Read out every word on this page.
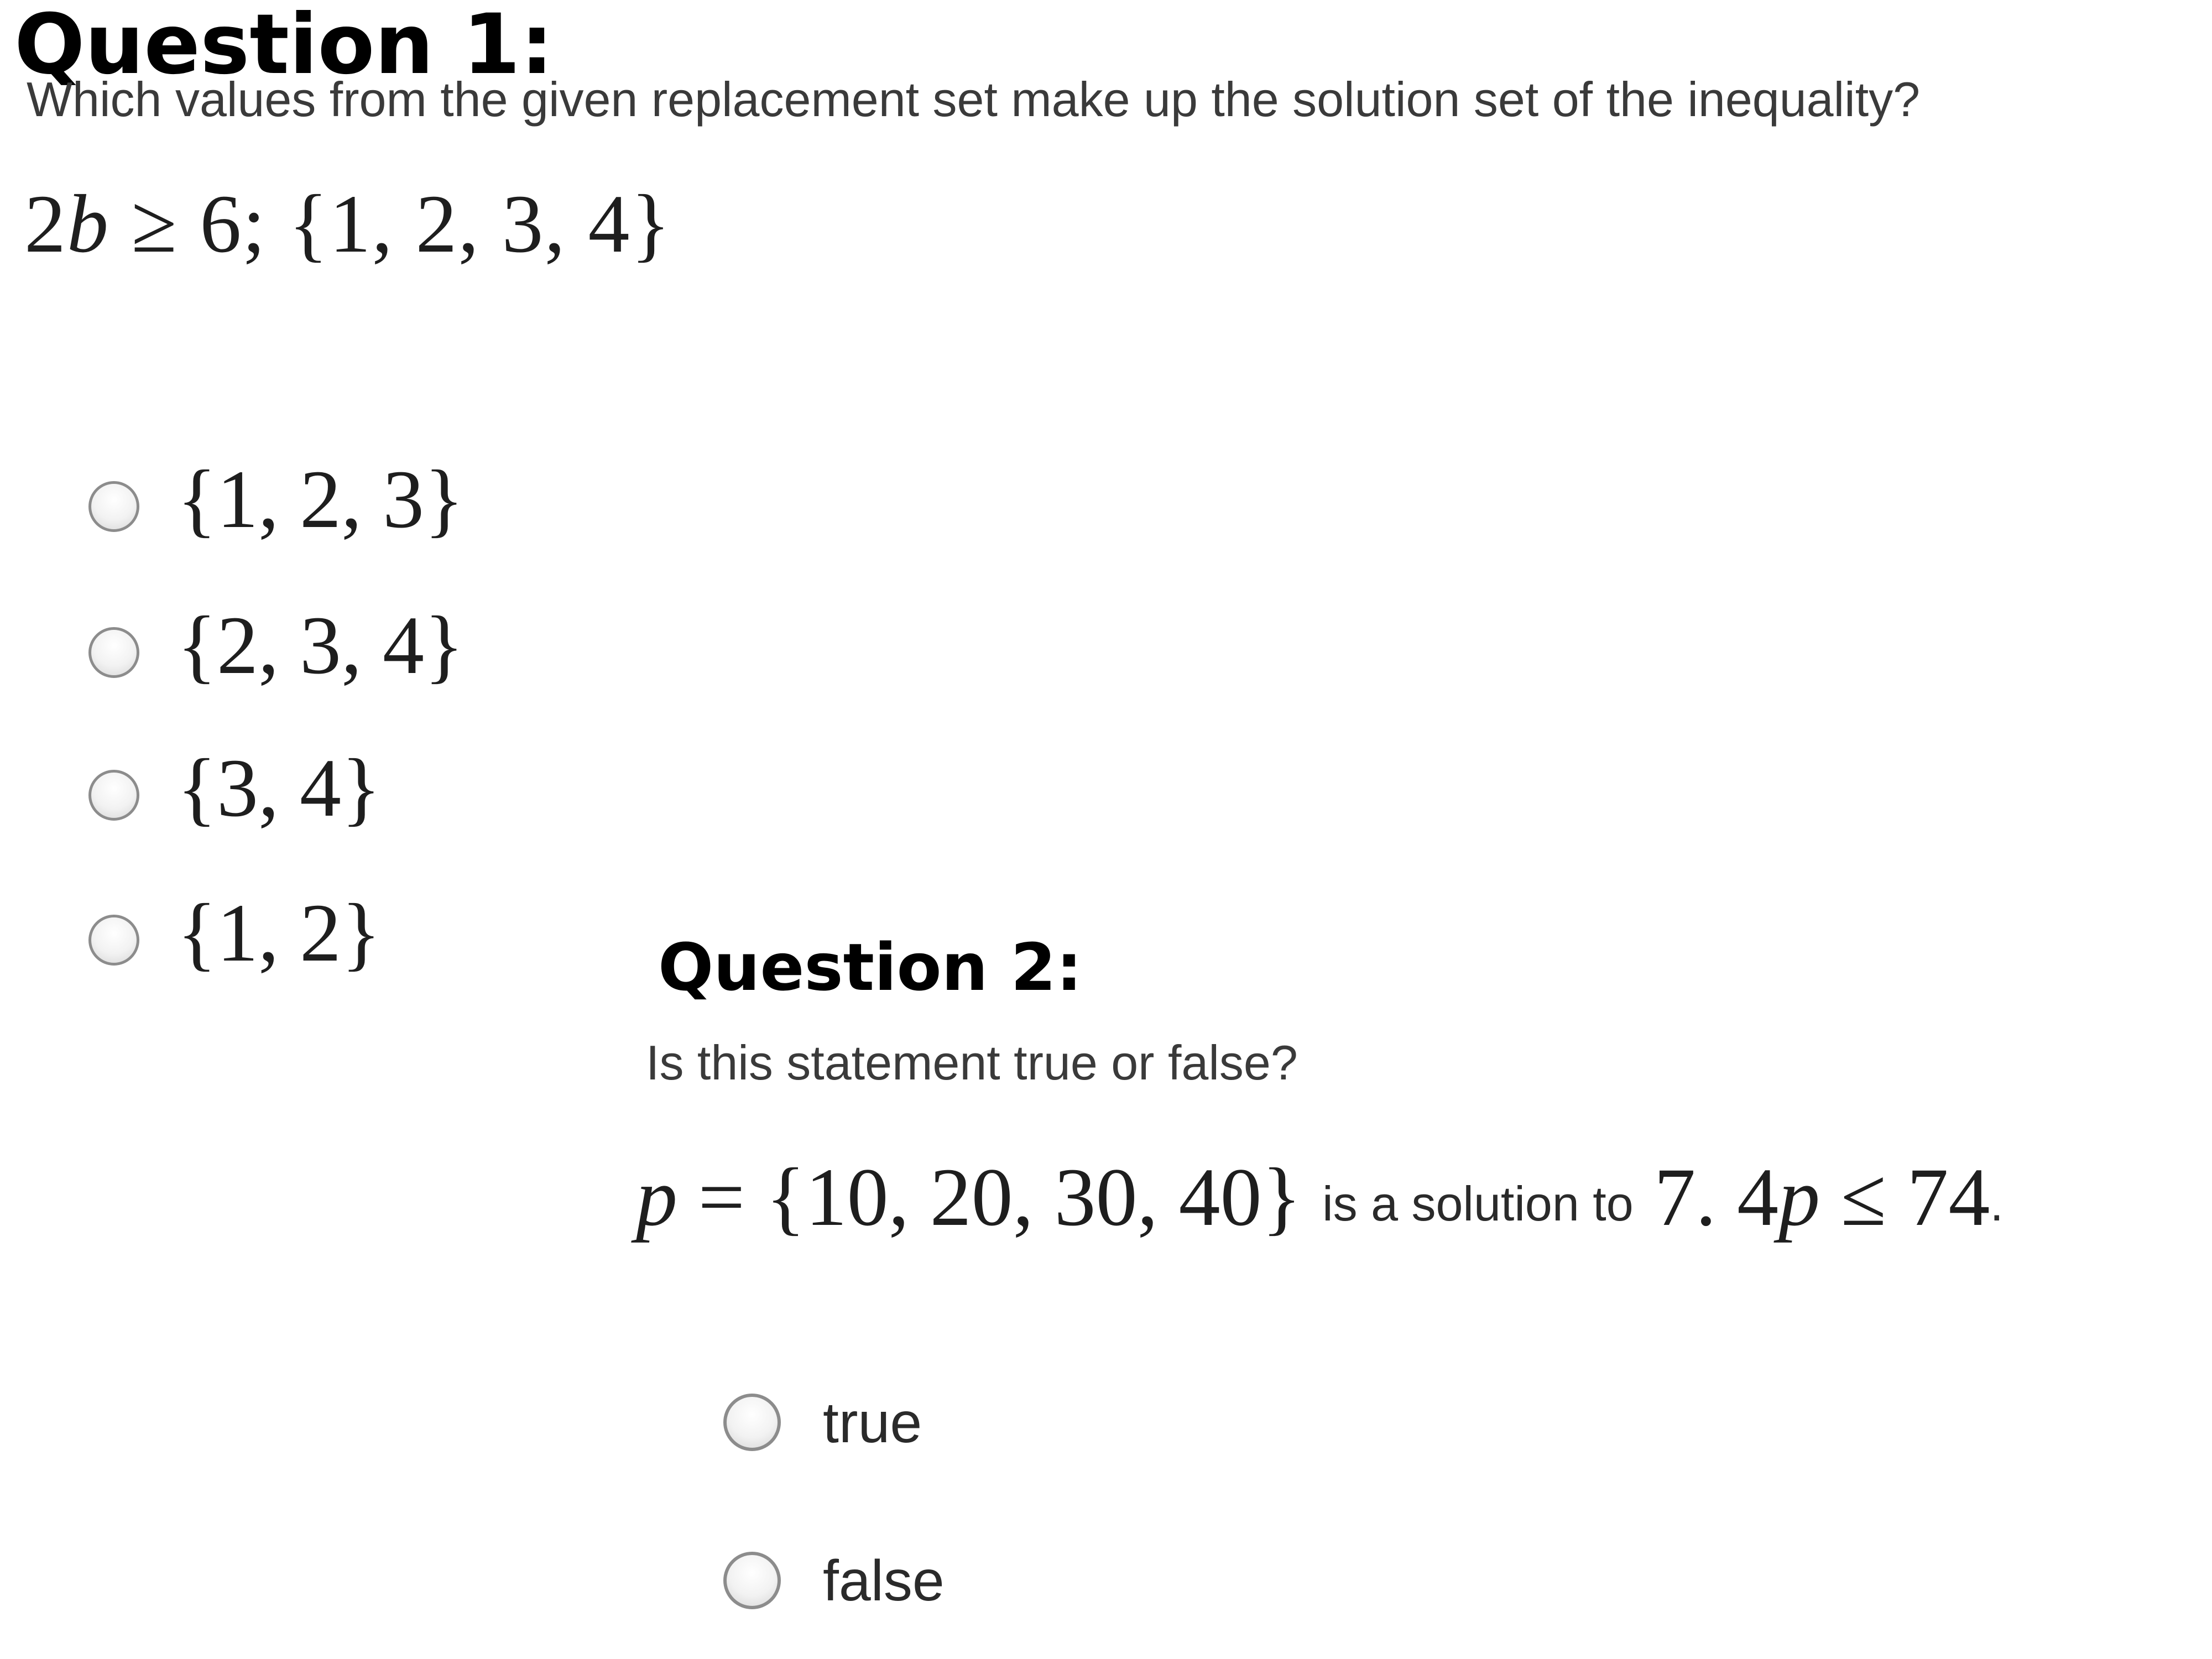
Question 1:
Which values from the given replacement set make up the solution set of the inequality?
2b ≥ 6; {1, 2, 3, 4}
{1, 2, 3}
{2, 3, 4}
{3, 4}
{1, 2}	Question 2:
Is this statement true or false?
p = {10, 20, 30, 40} is a solution to 7. 4p ≤ 74.
true
false
